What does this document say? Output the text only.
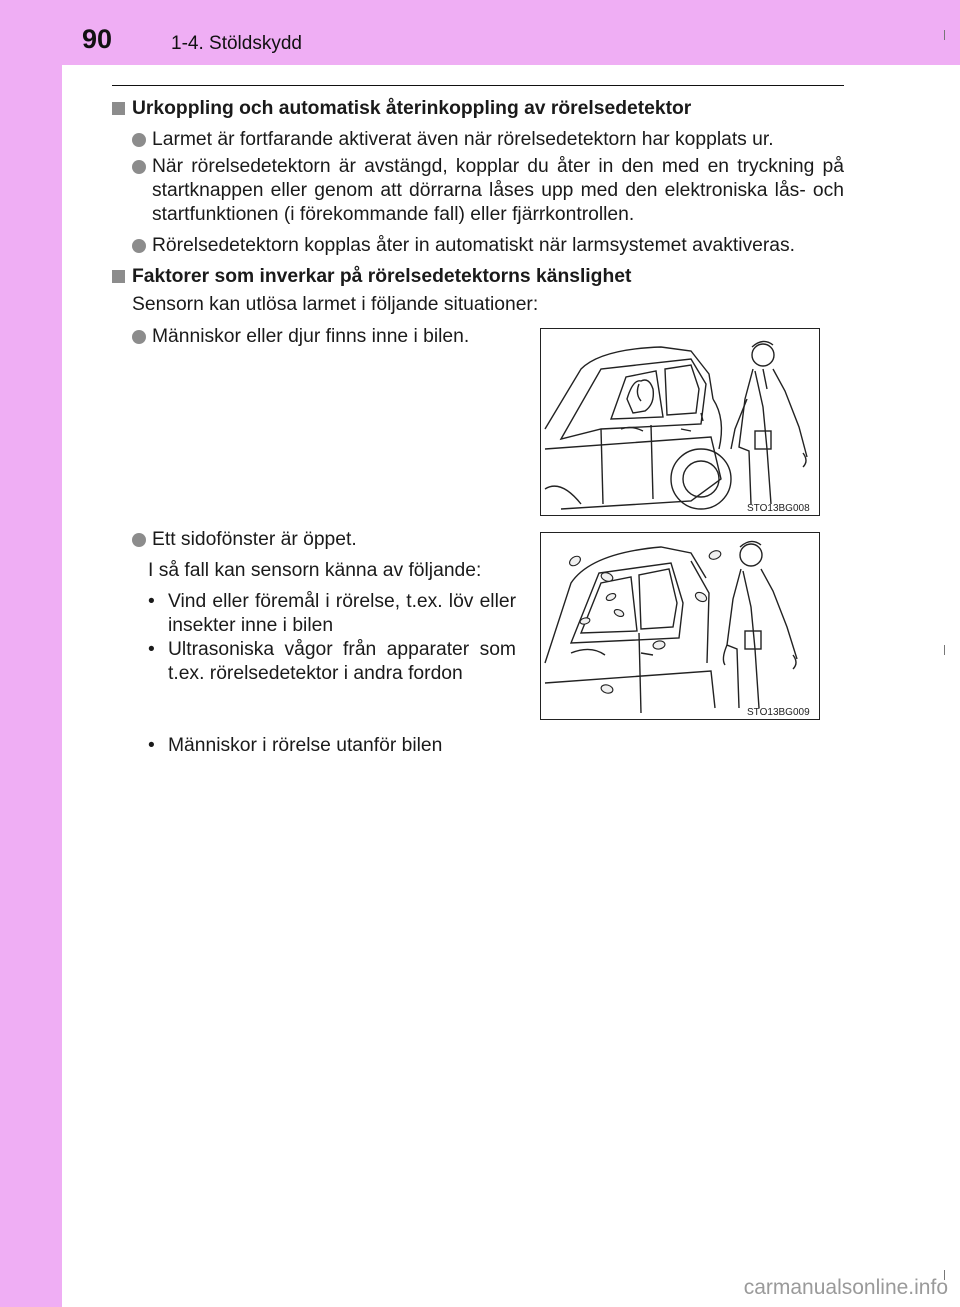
90	1-4. Stöldskydd
Urkoppling och automatisk återinkoppling av rörelsedetektor
Larmet är fortfarande aktiverat även när rörelsedetektorn har kopplats ur.
När rörelsedetektorn är avstängd, kopplar du åter in den med en tryckning på startknappen eller genom att dörrarna låses upp med den elektroniska lås- och startfunktionen (i förekommande fall) eller fjärrkontrollen.
Rörelsedetektorn kopplas åter in automatiskt när larmsystemet avaktiveras.
Faktorer som inverkar på rörelsedetektorns känslighet
Sensorn kan utlösa larmet i följande situationer:
Människor eller djur finns inne i bilen.
STO13BG008
Ett sidofönster är öppet.
I så fall kan sensorn känna av följande:
• Vind eller föremål i rörelse, t.ex. löv eller insekter inne i bilen
• Ultrasoniska vågor från apparater som t.ex. rörelsedetektor i andra fordon
STO13BG009
• Människor i rörelse utanför bilen
carmanualsonline.info
